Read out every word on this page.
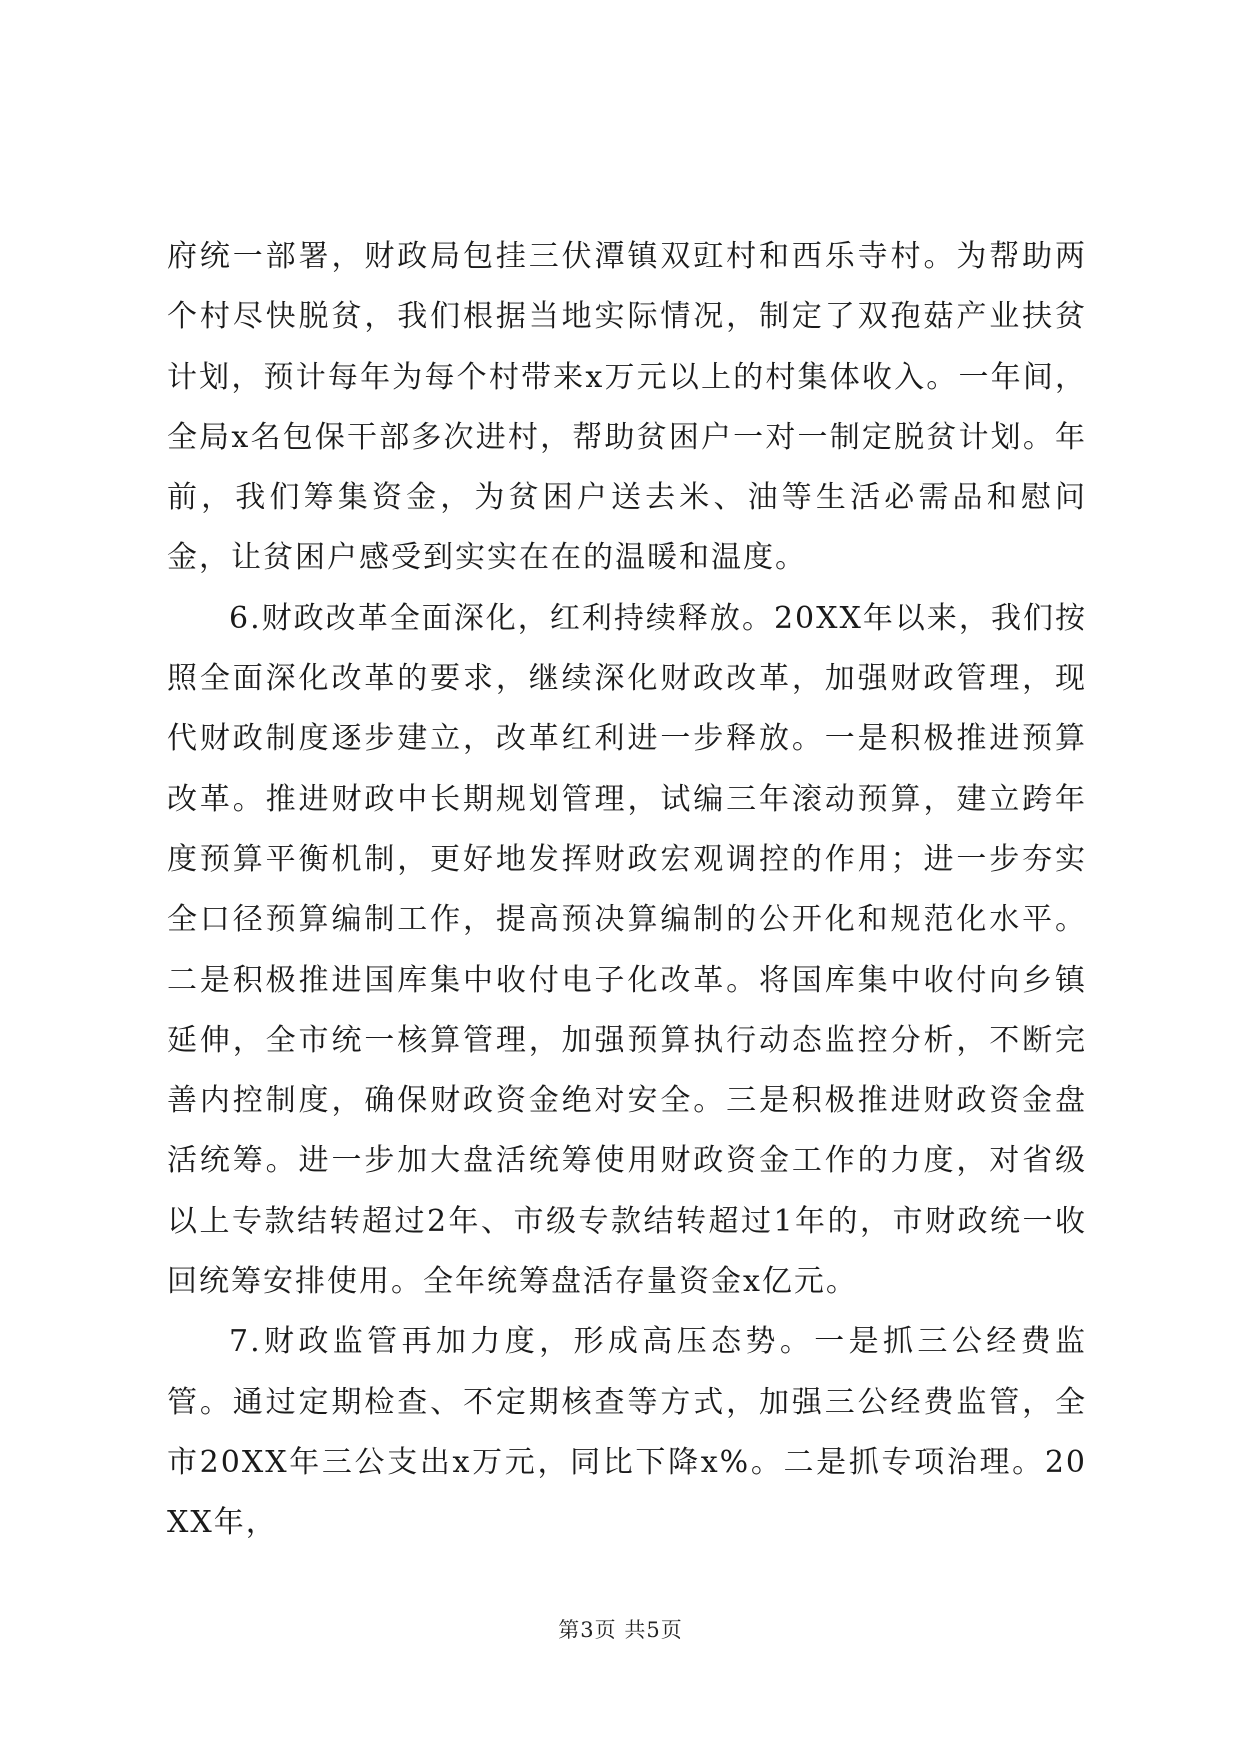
府统一部署，财政局包挂三伏潭镇双豇村和西乐寺村。为帮助两个村尽快脱贫，我们根据当地实际情况，制定了双孢菇产业扶贫计划，预计每年为每个村带来x万元以上的村集体收入。一年间，全局x名包保干部多次进村，帮助贫困户一对一制定脱贫计划。年前，我们筹集资金，为贫困户送去米、油等生活必需品和慰问金，让贫困户感受到实实在在的温暖和温度。

6.财政改革全面深化，红利持续释放。20XX年以来，我们按照全面深化改革的要求，继续深化财政改革，加强财政管理，现代财政制度逐步建立，改革红利进一步释放。一是积极推进预算改革。推进财政中长期规划管理，试编三年滚动预算，建立跨年度预算平衡机制，更好地发挥财政宏观调控的作用；进一步夯实全口径预算编制工作，提高预决算编制的公开化和规范化水平。二是积极推进国库集中收付电子化改革。将国库集中收付向乡镇延伸，全市统一核算管理，加强预算执行动态监控分析，不断完善内控制度，确保财政资金绝对安全。三是积极推进财政资金盘活统筹。进一步加大盘活统筹使用财政资金工作的力度，对省级以上专款结转超过2年、市级专款结转超过1年的，市财政统一收回统筹安排使用。全年统筹盘活存量资金x亿元。

7.财政监管再加力度，形成高压态势。一是抓三公经费监管。通过定期检查、不定期核查等方式，加强三公经费监管，全市20XX年三公支出x万元，同比下降x%。二是抓专项治理。20XX年，

第3页 共5页
